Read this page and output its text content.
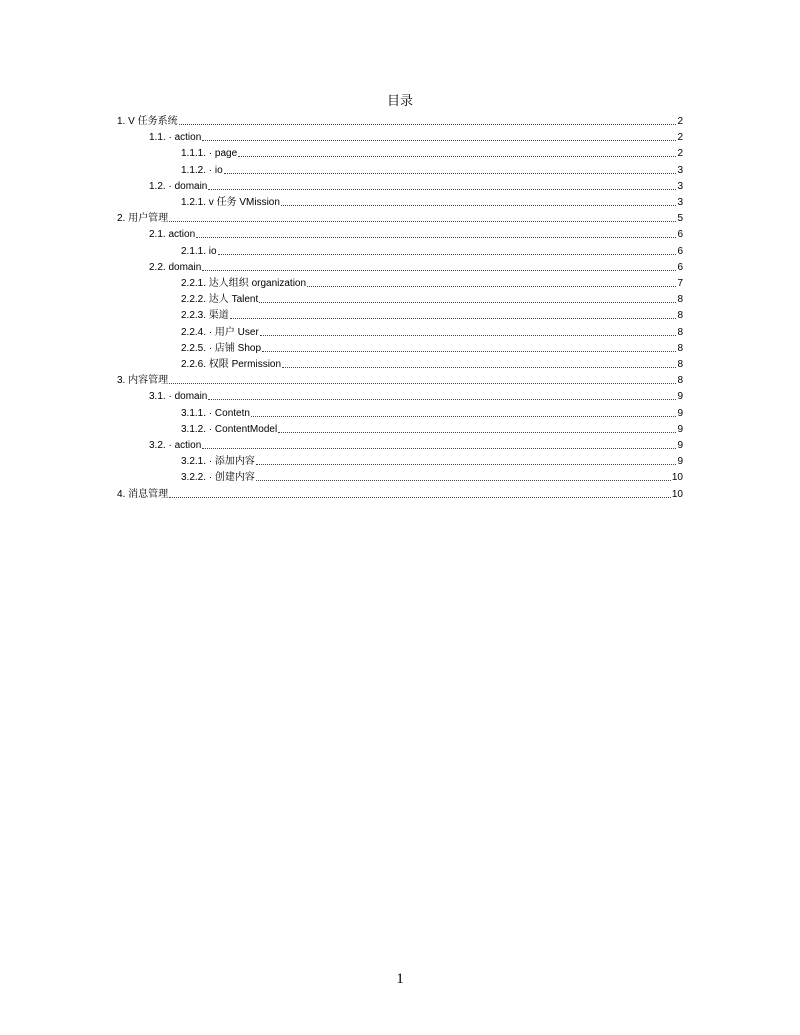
目录
1. V 任务系统	2
1.1. · action	2
1.1.1. · page	2
1.1.2. · io	3
1.2. · domain	3
1.2.1. v 任务 VMission	3
2. 用户管理	5
2.1. action	6
2.1.1. io	6
2.2. domain	6
2.2.1. 达人组织 organization	7
2.2.2. 达人 Talent	8
2.2.3. 渠道	8
2.2.4. · 用户 User	8
2.2.5. · 店铺 Shop	8
2.2.6. 权限 Permission	8
3. 内容管理	8
3.1. · domain	9
3.1.1. · Contetn	9
3.1.2. · ContentModel	9
3.2. · action	9
3.2.1. · 添加内容	9
3.2.2. · 创建内容	10
4. 消息管理	10
1
